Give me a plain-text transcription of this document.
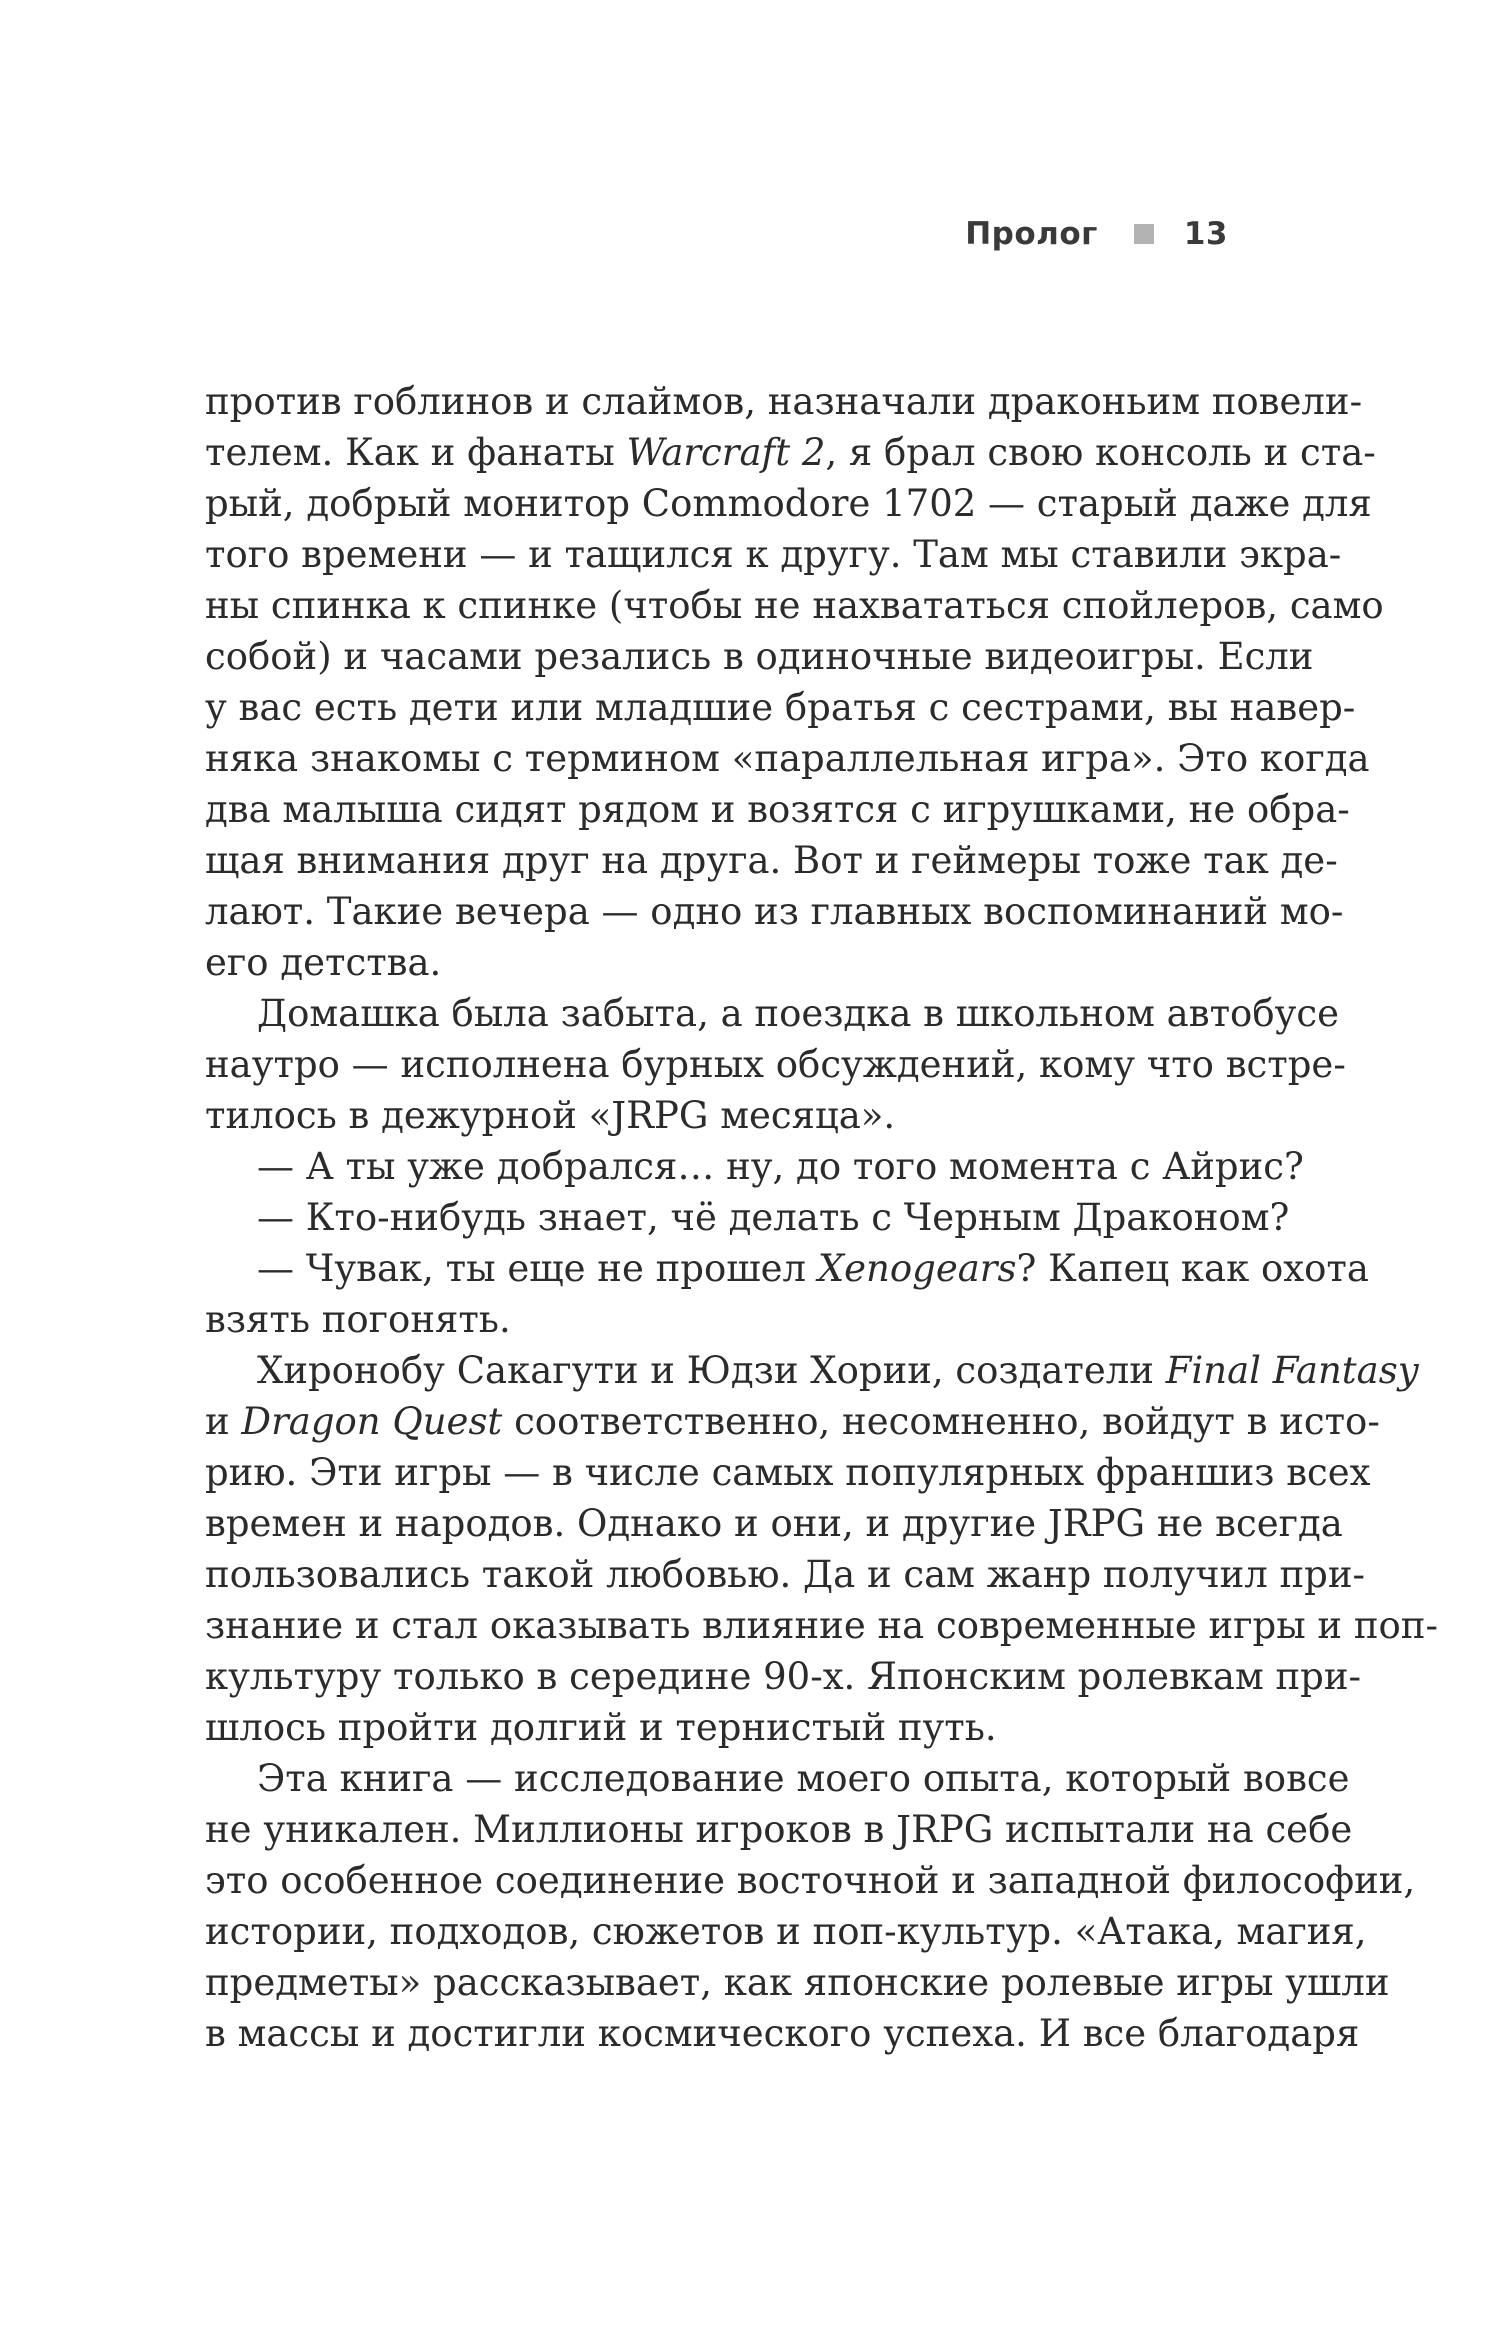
Пролог	13
против гоблинов и слаймов, назначали драконьим повели-
телем. Как и фанаты Warcraft 2, я брал свою консоль и ста-
рый, добрый монитор Commodore 1702 — старый даже для
того времени — и тащился к другу. Там мы ставили экра-
ны спинка к спинке (чтобы не нахвататься спойлеров, само
собой) и часами резались в одиночные видеоигры. Если
у вас есть дети или младшие братья с сестрами, вы навер-
няка знакомы с термином «параллельная игра». Это когда
два малыша сидят рядом и возятся с игрушками, не обра-
щая внимания друг на друга. Вот и геймеры тоже так де-
лают. Такие вечера — одно из главных воспоминаний мо-
его детства.
Домашка была забыта, а поездка в школьном автобусе
наутро — исполнена бурных обсуждений, кому что встре-
тилось в дежурной «JRPG месяца».
— А ты уже добрался… ну, до того момента с Айрис?
— Кто-нибудь знает, чё делать с Черным Драконом?
— Чувак, ты еще не прошел Xenogears? Капец как охота
взять погонять.
Хиронобу Сакагути и Юдзи Хории, создатели Final Fantasy
и Dragon Quest соответственно, несомненно, войдут в исто-
рию. Эти игры — в числе самых популярных франшиз всех
времен и народов. Однако и они, и другие JRPG не всегда
пользовались такой любовью. Да и сам жанр получил при-
знание и стал оказывать влияние на современные игры и поп-
культуру только в середине 90-х. Японским ролевкам при-
шлось пройти долгий и тернистый путь.
Эта книга — исследование моего опыта, который вовсе
не уникален. Миллионы игроков в JRPG испытали на себе
это особенное соединение восточной и западной философии,
истории, подходов, сюжетов и поп-культур. «Атака, магия,
предметы» рассказывает, как японские ролевые игры ушли
в массы и достигли космического успеха. И все благодаря
